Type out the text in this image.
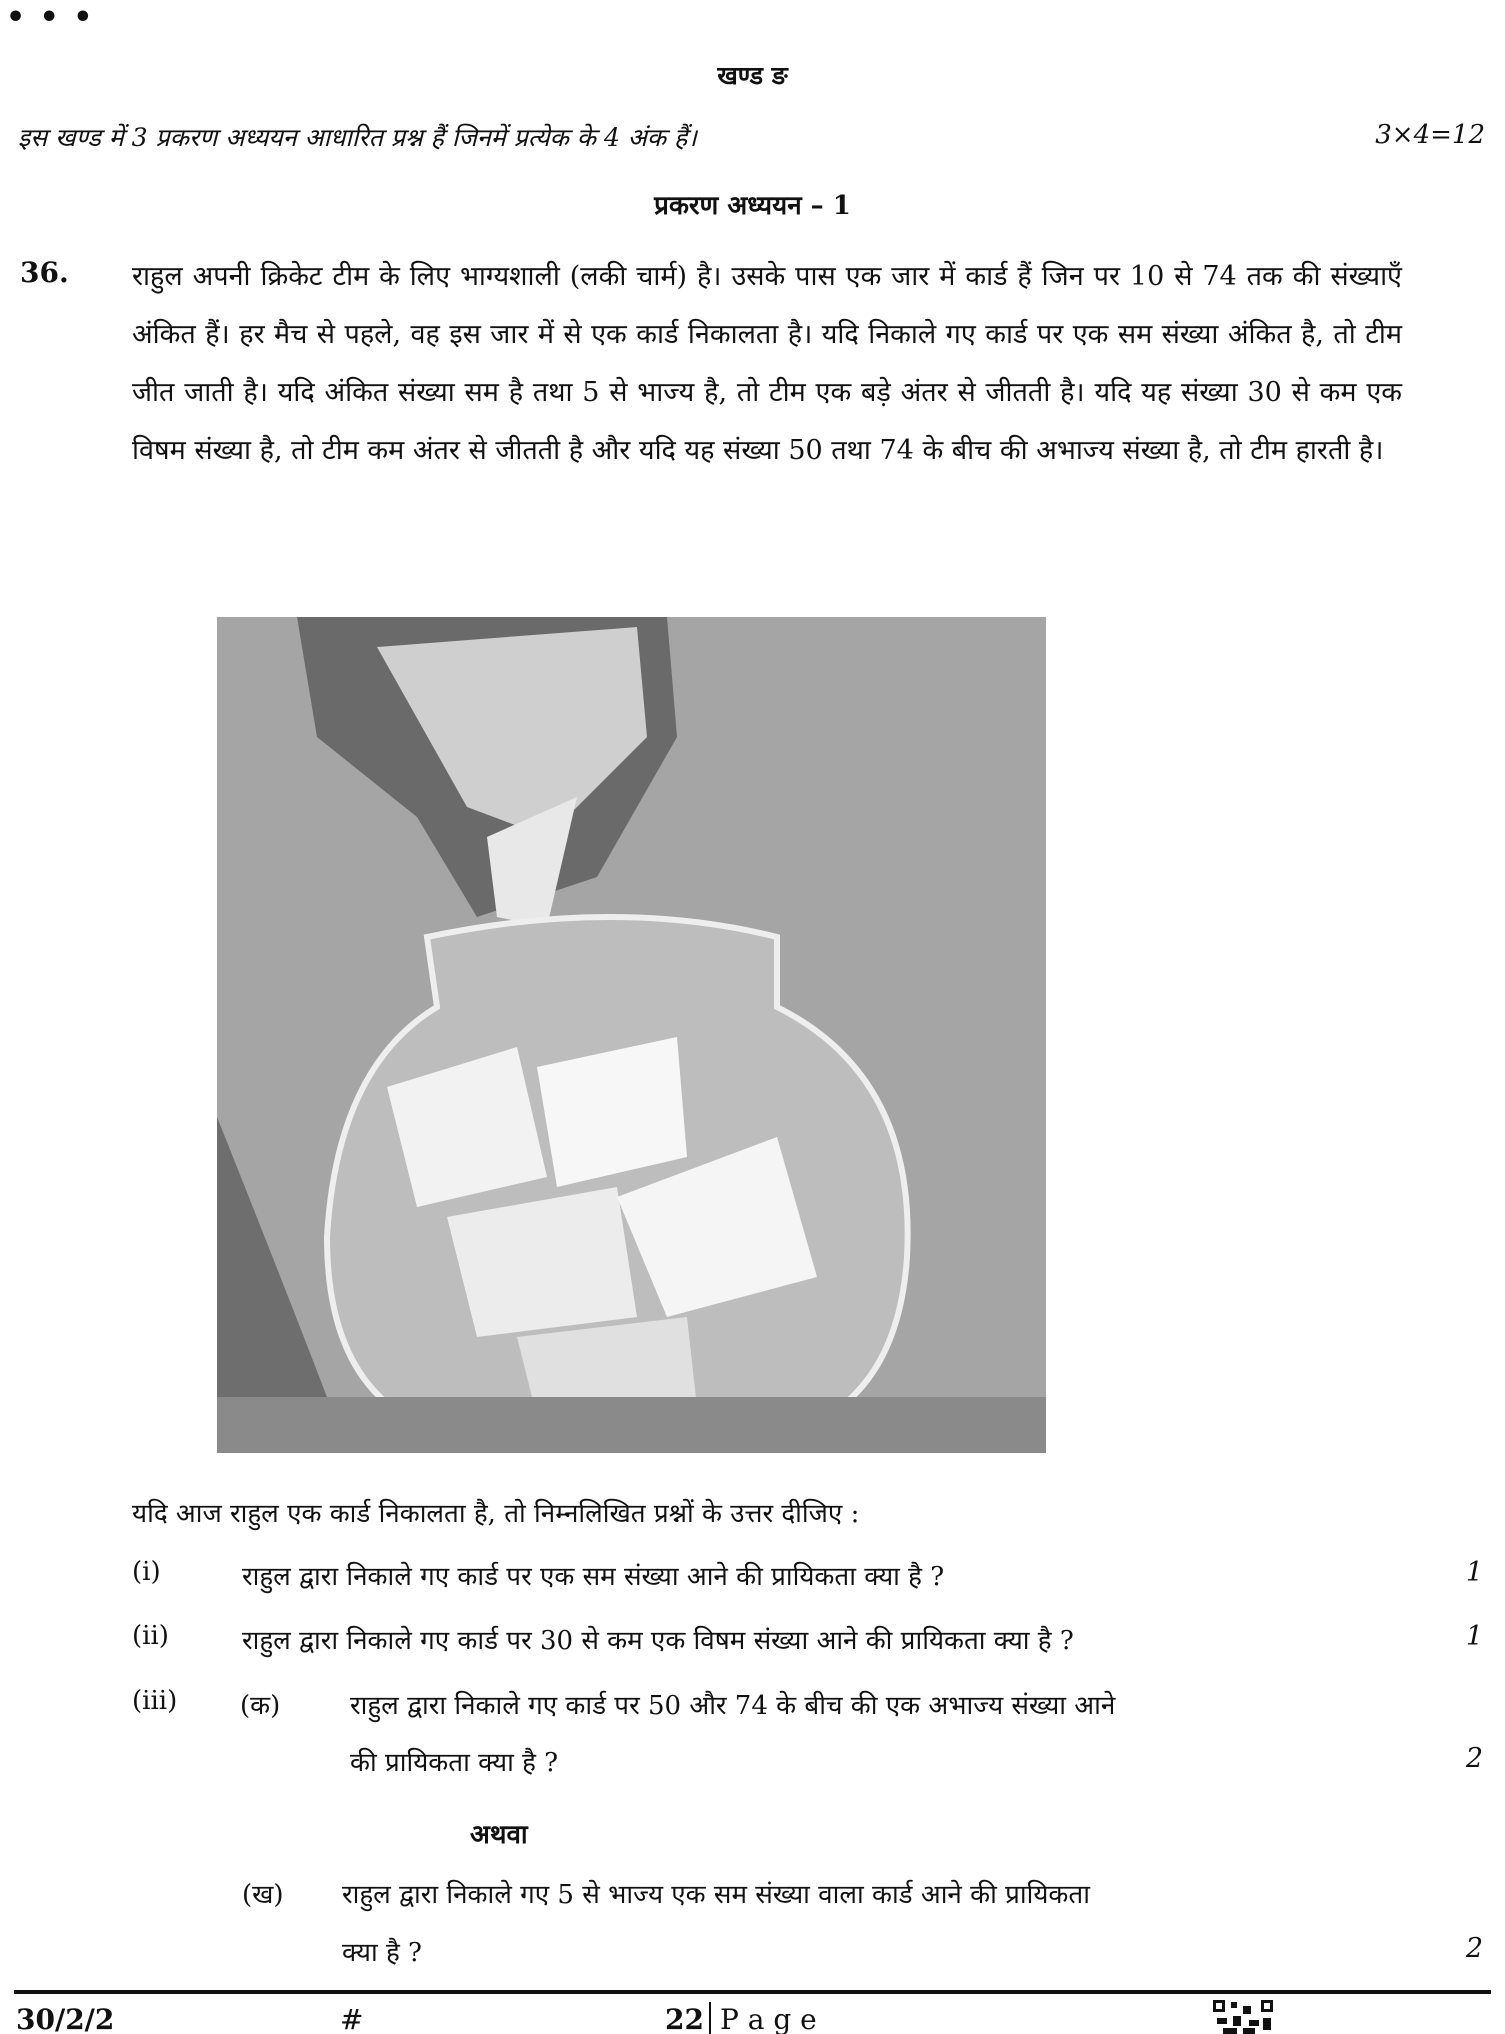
• • •
खण्ड ङ
इस खण्ड में 3 प्रकरण अध्ययन आधारित प्रश्न हैं जिनमें प्रत्येक के 4 अंक हैं।	3×4=12
प्रकरण अध्ययन – 1
36. राहुल अपनी क्रिकेट टीम के लिए भाग्यशाली (लकी चार्म) है। उसके पास एक जार में कार्ड हैं जिन पर 10 से 74 तक की संख्याएँ अंकित हैं। हर मैच से पहले, वह इस जार में से एक कार्ड निकालता है। यदि निकाले गए कार्ड पर एक सम संख्या अंकित है, तो टीम जीत जाती है। यदि अंकित संख्या सम है तथा 5 से भाज्य है, तो टीम एक बड़े अंतर से जीतती है। यदि यह संख्या 30 से कम एक विषम संख्या है, तो टीम कम अंतर से जीतती है और यदि यह संख्या 50 तथा 74 के बीच की अभाज्य संख्या है, तो टीम हारती है।
यदि आज राहुल एक कार्ड निकालता है, तो निम्नलिखित प्रश्नों के उत्तर दीजिए :
(i)	राहुल द्वारा निकाले गए कार्ड पर एक सम संख्या आने की प्रायिकता क्या है ?	1
(ii)	राहुल द्वारा निकाले गए कार्ड पर 30 से कम एक विषम संख्या आने की प्रायिकता क्या है ?	1
(iii) (क)	राहुल द्वारा निकाले गए कार्ड पर 50 और 74 के बीच की एक अभाज्य संख्या आने
की प्रायिकता क्या है ?	2
अथवा
(ख) राहुल द्वारा निकाले गए 5 से भाज्य एक सम संख्या वाला कार्ड आने की प्रायिकता
क्या है ?	2
30/2/2	#	22 P a g e
